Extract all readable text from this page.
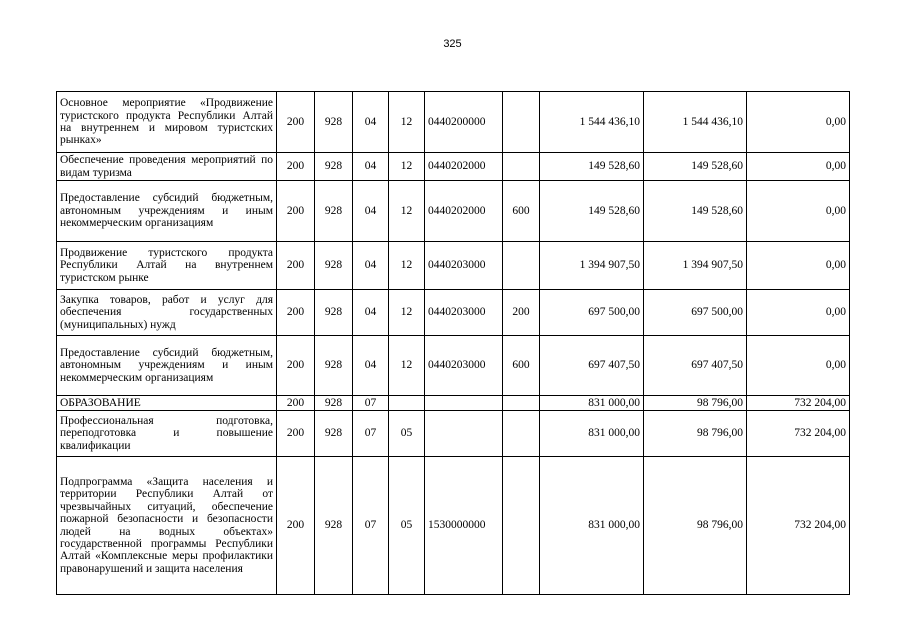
325
Основное мероприятие «Продвижение туристского продукта Республики Алтай на внутреннем и мировом туристских рынках»	200	928	04	12	0440200000		1 544 436,10	1 544 436,10	0,00
Обеспечение проведения мероприятий по видам туризма	200	928	04	12	0440202000		149 528,60	149 528,60	0,00
Предоставление субсидий бюджетным, автономным учреждениям и иным некоммерческим организациям	200	928	04	12	0440202000	600	149 528,60	149 528,60	0,00
Продвижение туристского продукта Республики Алтай на внутреннем туристском рынке	200	928	04	12	0440203000		1 394 907,50	1 394 907,50	0,00
Закупка товаров, работ и услуг для обеспечения государственных (муниципальных) нужд	200	928	04	12	0440203000	200	697 500,00	697 500,00	0,00
Предоставление субсидий бюджетным, автономным учреждениям и иным некоммерческим организациям	200	928	04	12	0440203000	600	697 407,50	697 407,50	0,00
ОБРАЗОВАНИЕ	200	928	07				831 000,00	98 796,00	732 204,00
Профессиональная подготовка, переподготовка и повышение квалификации	200	928	07	05			831 000,00	98 796,00	732 204,00
Подпрограмма «Защита населения и территории Республики Алтай от чрезвычайных ситуаций, обеспечение пожарной безопасности и безопасности людей на водных объектах» государственной программы Республики Алтай «Комплексные меры профилактики правонарушений и защита населения	200	928	07	05	1530000000		831 000,00	98 796,00	732 204,00
